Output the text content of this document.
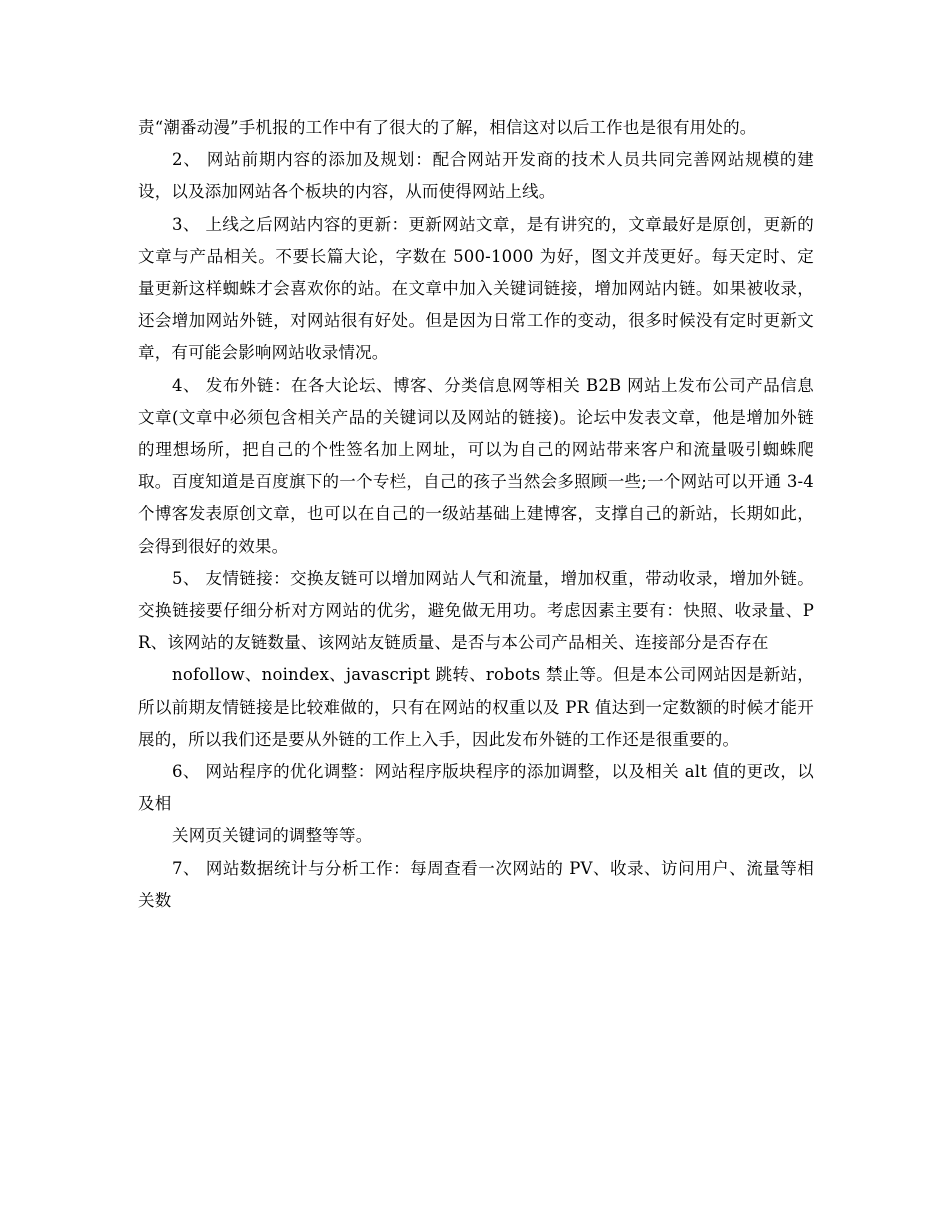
责“潮番动漫”手机报的工作中有了很大的了解，相信这对以后工作也是很有用处的。

2、 网站前期内容的添加及规划：配合网站开发商的技术人员共同完善网站规模的建设，以及添加网站各个板块的内容，从而使得网站上线。

3、 上线之后网站内容的更新：更新网站文章，是有讲究的，文章最好是原创，更新的文章与产品相关。不要长篇大论，字数在 500-1000 为好，图文并茂更好。每天定时、定量更新这样蜘蛛才会喜欢你的站。在文章中加入关键词链接，增加网站内链。如果被收录，还会增加网站外链，对网站很有好处。但是因为日常工作的变动，很多时候没有定时更新文章，有可能会影响网站收录情况。

4、 发布外链：在各大论坛、博客、分类信息网等相关 B2B 网站上发布公司产品信息文章(文章中必须包含相关产品的关键词以及网站的链接)。论坛中发表文章，他是增加外链的理想场所，把自己的个性签名加上网址，可以为自己的网站带来客户和流量吸引蜘蛛爬取。百度知道是百度旗下的一个专栏，自己的孩子当然会多照顾一些;一个网站可以开通 3-4 个博客发表原创文章，也可以在自己的一级站基础上建博客，支撑自己的新站，长期如此，会得到很好的效果。

5、 友情链接：交换友链可以增加网站人气和流量，增加权重，带动收录，增加外链。交换链接要仔细分析对方网站的优劣，避免做无用功。考虑因素主要有：快照、收录量、PR、该网站的友链数量、该网站友链质量、是否与本公司产品相关、连接部分是否存在

nofollow、noindex、javascript 跳转、robots 禁止等。但是本公司网站因是新站，所以前期友情链接是比较难做的，只有在网站的权重以及 PR 值达到一定数额的时候才能开展的，所以我们还是要从外链的工作上入手，因此发布外链的工作还是很重要的。

6、 网站程序的优化调整：网站程序版块程序的添加调整，以及相关 alt 值的更改，以及相

关网页关键词的调整等等。

7、 网站数据统计与分析工作：每周查看一次网站的 PV、收录、访问用户、流量等相关数
